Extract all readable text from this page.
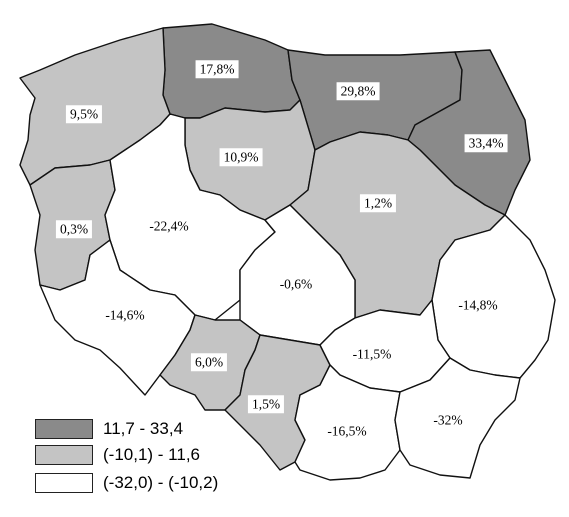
17,8%
29,8%
33,4%
9,5%
10,9%
1,2%
0,3%	-22,4%
-0,6%
-14,8%
-14,6%
6,0%
1,5%
-11,5%
-16,5%
-32%
11,7 - 33,4
(-10,1) - 11,6
(-32,0) - (-10,2)
